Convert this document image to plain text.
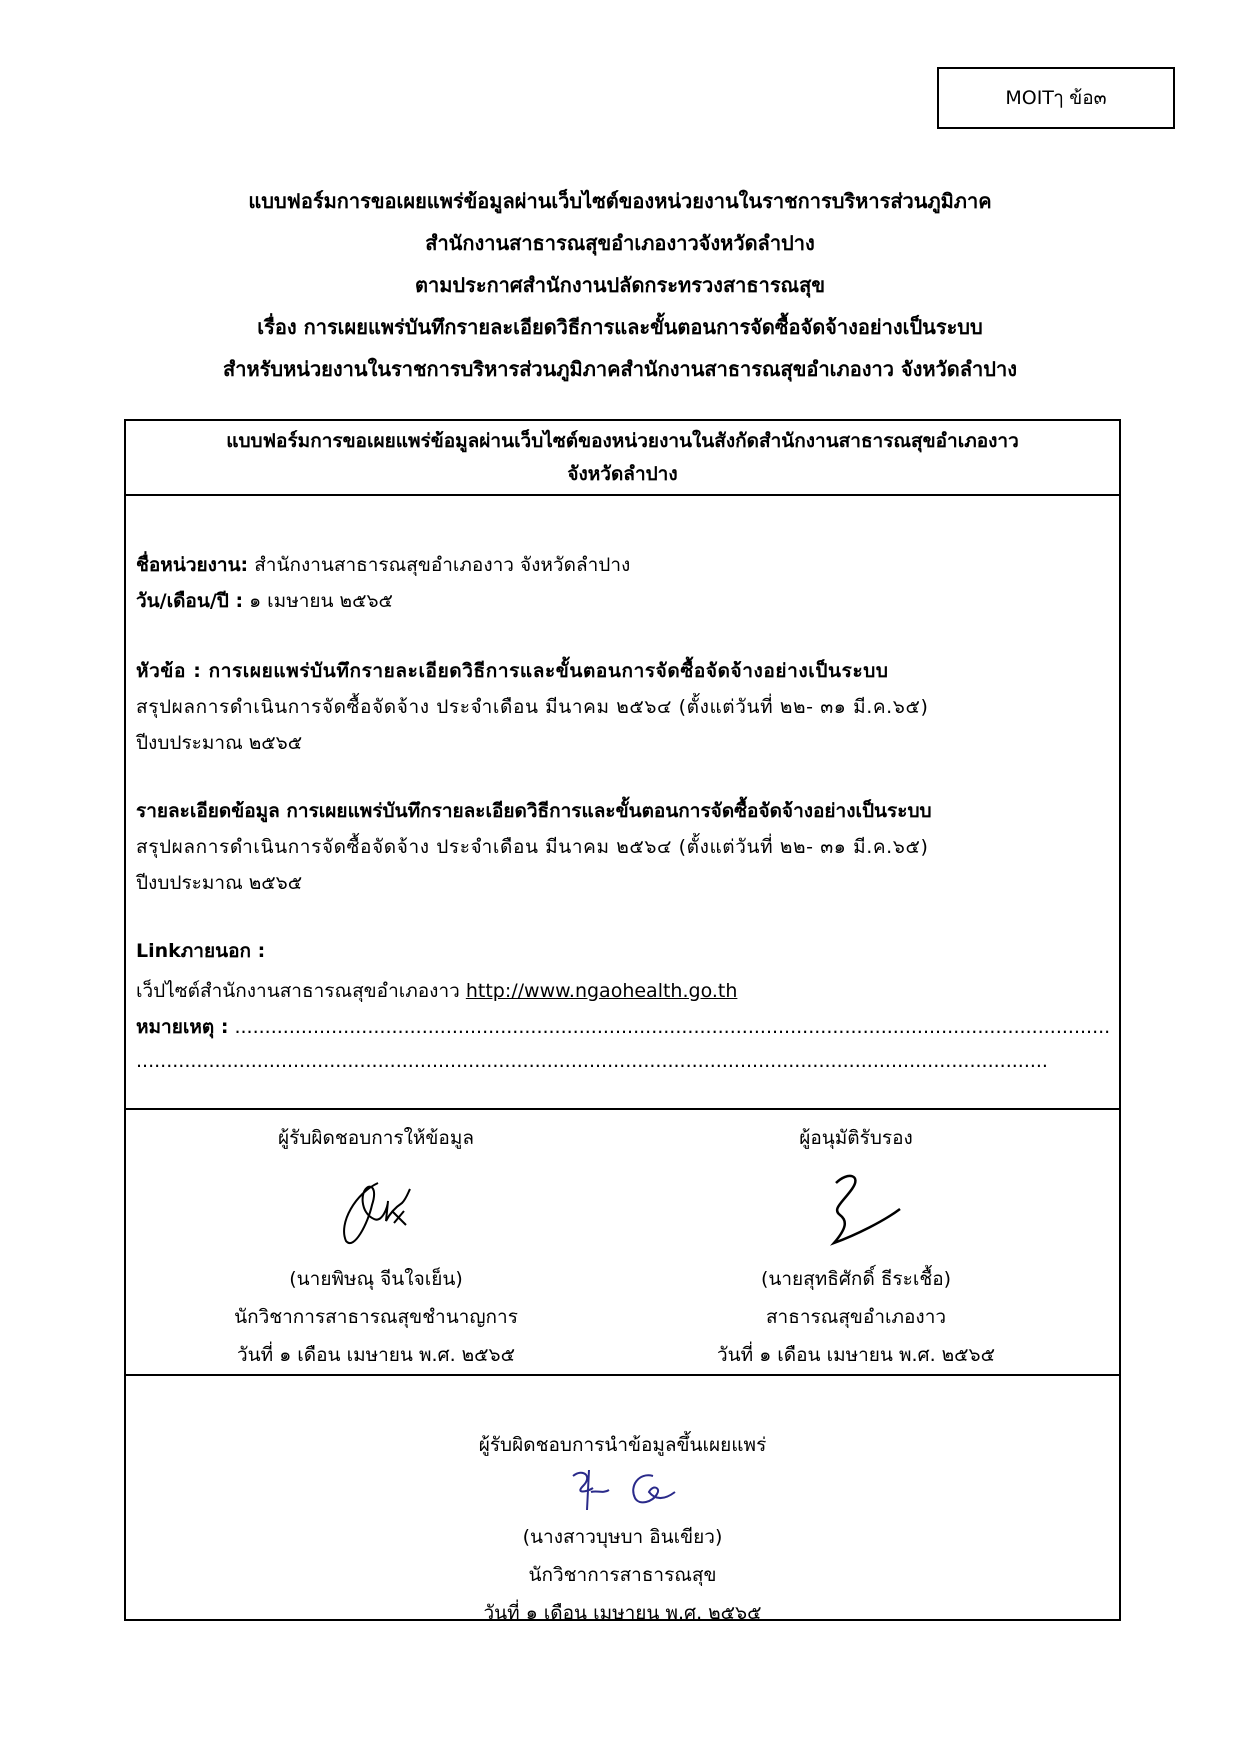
MOITๅ ข้อ๓
แบบฟอร์มการขอเผยแพร่ข้อมูลผ่านเว็บไซต์ของหน่วยงานในราชการบริหารส่วนภูมิภาค
สำนักงานสาธารณสุขอำเภองาวจังหวัดลำปาง
ตามประกาศสำนักงานปลัดกระทรวงสาธารณสุข
เรื่อง การเผยแพร่บันทึกรายละเอียดวิธีการและขั้นตอนการจัดซื้อจัดจ้างอย่างเป็นระบบ
สำหรับหน่วยงานในราชการบริหารส่วนภูมิภาคสำนักงานสาธารณสุขอำเภองาว จังหวัดลำปาง
แบบฟอร์มการขอเผยแพร่ข้อมูลผ่านเว็บไซต์ของหน่วยงานในสังกัดสำนักงานสาธารณสุขอำเภองาว
จังหวัดลำปาง
ชื่อหน่วยงาน: สำนักงานสาธารณสุขอำเภองาว จังหวัดลำปาง
วัน/เดือน/ปี : ๑ เมษายน ๒๕๖๕
หัวข้อ : การเผยแพร่บันทึกรายละเอียดวิธีการและขั้นตอนการจัดซื้อจัดจ้างอย่างเป็นระบบ
สรุปผลการดำเนินการจัดซื้อจัดจ้าง ประจำเดือน มีนาคม ๒๕๖๔ (ตั้งแต่วันที่ ๒๒- ๓๑ มี.ค.๖๕)
ปีงบประมาณ ๒๕๖๕
รายละเอียดข้อมูล การเผยแพร่บันทึกรายละเอียดวิธีการและขั้นตอนการจัดซื้อจัดจ้างอย่างเป็นระบบ
สรุปผลการดำเนินการจัดซื้อจัดจ้าง ประจำเดือน มีนาคม ๒๕๖๔ (ตั้งแต่วันที่ ๒๒- ๓๑ มี.ค.๖๕)
ปีงบประมาณ ๒๕๖๕
Linkภายนอก :
เว็ปไซต์สำนักงานสาธารณสุขอำเภองาว http://www.ngaohealth.go.th
หมายเหตุ : .................................................................................................................................................
.......................................................................................................................................................
ผู้รับผิดชอบการให้ข้อมูล
(นายพิษณุ จีนใจเย็น)
นักวิชาการสาธารณสุขชำนาญการ
วันที่ ๑ เดือน เมษายน พ.ศ. ๒๕๖๕
ผู้อนุมัติรับรอง
(นายสุทธิศักดิ์ ธีระเชื้อ)
สาธารณสุขอำเภองาว
วันที่ ๑ เดือน เมษายน พ.ศ. ๒๕๖๕
ผู้รับผิดชอบการนำข้อมูลขึ้นเผยแพร่
(นางสาวบุษบา อินเขียว)
นักวิชาการสาธารณสุข
วันที่ ๑ เดือน เมษายน พ.ศ. ๒๕๖๕
